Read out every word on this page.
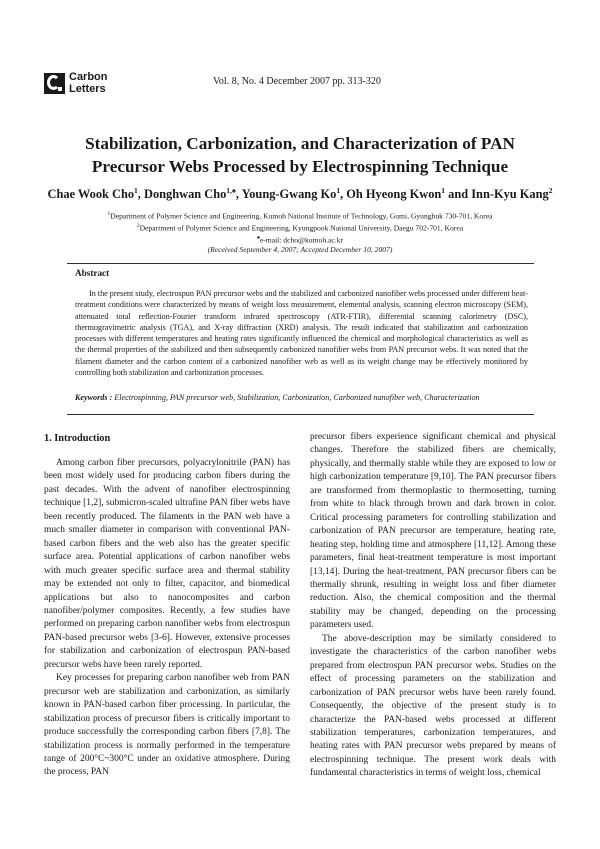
Carbon
Letters
Vol. 8, No. 4 December 2007 pp. 313-320
Stabilization, Carbonization, and Characterization of PAN
Precursor Webs Processed by Electrospinning Technique
Chae Wook Cho$^1$, Donghwan Cho$^{1,♠}$, Young-Gwang Ko$^1$, Oh Hyeong Kwon$^1$ and Inn-Kyu Kang$^2$
$^1$Department of Polymer Science and Engineering, Kumoh National Institute of Technology, Gumi, Gyungbuk 730-701, Korea
$^2$Department of Polymer Science and Engineering, Kyungpook National University, Daegu 702-701, Korea
♠e-mail: dcho@kumoh.ac.kr
(Received September 4, 2007; Accepted December 10, 2007)
Abstract
In the present study, electrospun PAN precursor webs and the stabilized and carbonized nanofiber webs processed under different heat-treatment conditions were characterized by means of weight loss measurement, elemental analysis, scanning electron microscopy (SEM), attenuated total reflection-Fourier transform infrared spectroscopy (ATR-FTIR), differential scanning calorimetry (DSC), thermogravimetric analysis (TGA), and X-ray diffraction (XRD) analysis. The result indicated that stabilization and carbonization processes with different temperatures and heating rates significantly influenced the chemical and morphological characteristics as well as the thermal properties of the stabilized and then subsequently carbonized nanofiber webs from PAN precursor webs. It was noted that the filament diameter and the carbon content of a carbonized nanofiber web as well as its weight change may be effectively monitored by controlling both stabilization and carbonization processes.
Keywords : Electrospinning, PAN precursor web, Stabilization, Carbonization, Carbonized nanofiber web, Characterization
1. Introduction

Among carbon fiber precursors, polyacrylonitrile (PAN) has been most widely used for producing carbon fibers during the past decades. With the advent of nanofiber electrospinning technique [1,2], submicron-scaled ultrafine PAN fiber webs have been recently produced. The filaments in the PAN web have a much smaller diameter in comparison with conventional PAN-based carbon fibers and the web also has the greater specific surface area. Potential applications of carbon nanofiber webs with much greater specific surface area and thermal stability may be extended not only to filter, capacitor, and biomedical applications but also to nanocomposites and carbon nanofiber/polymer composites. Recently, a few studies have performed on preparing carbon nanofiber webs from electrospun PAN-based precursor webs [3-6]. However, extensive processes for stabilization and carbonization of electrospun PAN-based precursor webs have been rarely reported.

Key processes for preparing carbon nanofiber web from PAN precursor web are stabilization and carbonization, as similarly known in PAN-based carbon fiber processing. In particular, the stabilization process of precursor fibers is critically important to produce successfully the corresponding carbon fibers [7,8]. The stabilization process is normally performed in the temperature range of 200°C~300°C under an oxidative atmosphere. During the process, PAN

precursor fibers experience significant chemical and physical changes. Therefore the stabilized fibers are chemically, physically, and thermally stable while they are exposed to low or high carbonization temperature [9,10]. The PAN precursor fibers are transformed from thermoplastic to thermosetting, turning from white to black through brown and dark brown in color. Critical processing parameters for controlling stabilization and carbonization of PAN precursor are temperature, heating rate, heating step, holding time and atmosphere [11,12]. Among these parameters, final heat-treatment temperature is most important [13,14]. During the heat-treatment, PAN precursor fibers can be thermally shrunk, resulting in weight loss and fiber diameter reduction. Also, the chemical composition and the thermal stability may be changed, depending on the processing parameters used.

The above-description may be similarly considered to investigate the characteristics of the carbon nanofiber webs prepared from electrospun PAN precursor webs. Studies on the effect of processing parameters on the stabilization and carbonization of PAN precursor webs have been rarely found. Consequently, the objective of the present study is to characterize the PAN-based webs processed at different stabilization temperatures, carbonization temperatures, and heating rates with PAN precursor webs prepared by means of electrospinning technique. The present work deals with fundamental characteristics in terms of weight loss, chemical
